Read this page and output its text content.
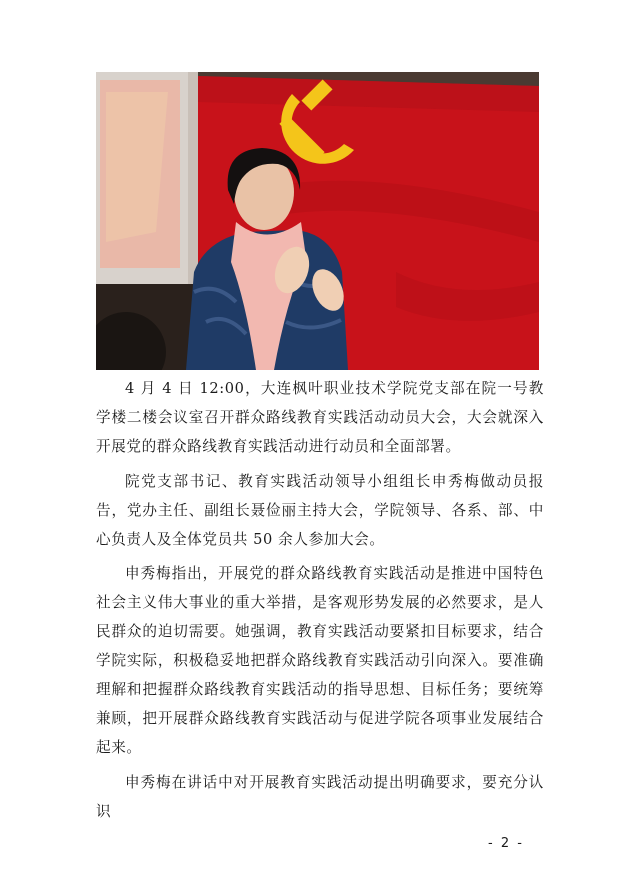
4 月 4 日 12:00，大连枫叶职业技术学院党支部在院一号教学楼二楼会议室召开群众路线教育实践活动动员大会，大会就深入开展党的群众路线教育实践活动进行动员和全面部署。

院党支部书记、教育实践活动领导小组组长申秀梅做动员报告，党办主任、副组长聂俭丽主持大会，学院领导、各系、部、中心负责人及全体党员共 50 余人参加大会。

申秀梅指出，开展党的群众路线教育实践活动是推进中国特色社会主义伟大事业的重大举措，是客观形势发展的必然要求，是人民群众的迫切需要。她强调，教育实践活动要紧扣目标要求，结合学院实际，积极稳妥地把群众路线教育实践活动引向深入。要准确理解和把握群众路线教育实践活动的指导思想、目标任务；要统筹兼顾，把开展群众路线教育实践活动与促进学院各项事业发展结合起来。

申秀梅在讲话中对开展教育实践活动提出明确要求，要充分认识

- 2 -
